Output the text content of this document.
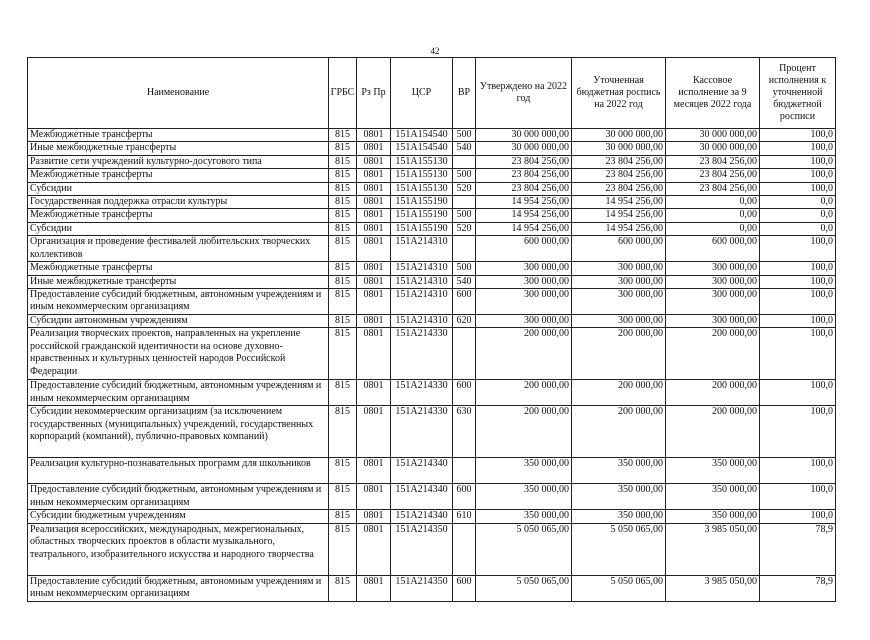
42
Наименование	ГРБС	Рз Пр	ЦСР	ВР	Утверждено на 2022 год	Уточненная бюджетная роспись на 2022 год	Кассовое исполнение за 9 месяцев 2022 года	Процент исполнения к уточненной бюджетной росписи
Межбюджетные трансферты	815	0801	151А154540	500	30 000 000,00	30 000 000,00	30 000 000,00	100,0
Иные межбюджетные трансферты	815	0801	151А154540	540	30 000 000,00	30 000 000,00	30 000 000,00	100,0
Развитие сети учреждений культурно-досугового типа	815	0801	151А155130		23 804 256,00	23 804 256,00	23 804 256,00	100,0
Межбюджетные трансферты	815	0801	151А155130	500	23 804 256,00	23 804 256,00	23 804 256,00	100,0
Субсидии	815	0801	151А155130	520	23 804 256,00	23 804 256,00	23 804 256,00	100,0
Государственная поддержка отрасли культуры	815	0801	151А155190		14 954 256,00	14 954 256,00	0,00	0,0
Межбюджетные трансферты	815	0801	151А155190	500	14 954 256,00	14 954 256,00	0,00	0,0
Субсидии	815	0801	151А155190	520	14 954 256,00	14 954 256,00	0,00	0,0
Организация и проведение фестивалей любительских творческих коллективов	815	0801	151А214310		600 000,00	600 000,00	600 000,00	100,0
Межбюджетные трансферты	815	0801	151А214310	500	300 000,00	300 000,00	300 000,00	100,0
Иные межбюджетные трансферты	815	0801	151А214310	540	300 000,00	300 000,00	300 000,00	100,0
Предоставление субсидий бюджетным, автономным учреждениям и иным некоммерческим организациям	815	0801	151А214310	600	300 000,00	300 000,00	300 000,00	100,0
Субсидии автономным учреждениям	815	0801	151А214310	620	300 000,00	300 000,00	300 000,00	100,0
Реализация творческих проектов, направленных на укрепление российской гражданской идентичности на основе духовно-нравственных и культурных ценностей народов Российской Федерации	815	0801	151А214330		200 000,00	200 000,00	200 000,00	100,0
Предоставление субсидий бюджетным, автономным учреждениям и иным некоммерческим организациям	815	0801	151А214330	600	200 000,00	200 000,00	200 000,00	100,0
Субсидии некоммерческим организациям (за исключением государственных (муниципальных) учреждений, государственных корпораций (компаний), публично-правовых компаний)	815	0801	151А214330	630	200 000,00	200 000,00	200 000,00	100,0
Реализация культурно-познавательных программ для школьников	815	0801	151А214340		350 000,00	350 000,00	350 000,00	100,0
Предоставление субсидий бюджетным, автономным учреждениям и иным некоммерческим организациям	815	0801	151А214340	600	350 000,00	350 000,00	350 000,00	100,0
Субсидии бюджетным учреждениям	815	0801	151А214340	610	350 000,00	350 000,00	350 000,00	100,0
Реализация всероссийских, международных, межрегиональных, областных творческих проектов в области музыкального, театрального, изобразительного искусства и народного творчества	815	0801	151А214350		5 050 065,00	5 050 065,00	3 985 050,00	78,9
Предоставление субсидий бюджетным, автономным учреждениям и иным некоммерческим организациям	815	0801	151А214350	600	5 050 065,00	5 050 065,00	3 985 050,00	78,9
